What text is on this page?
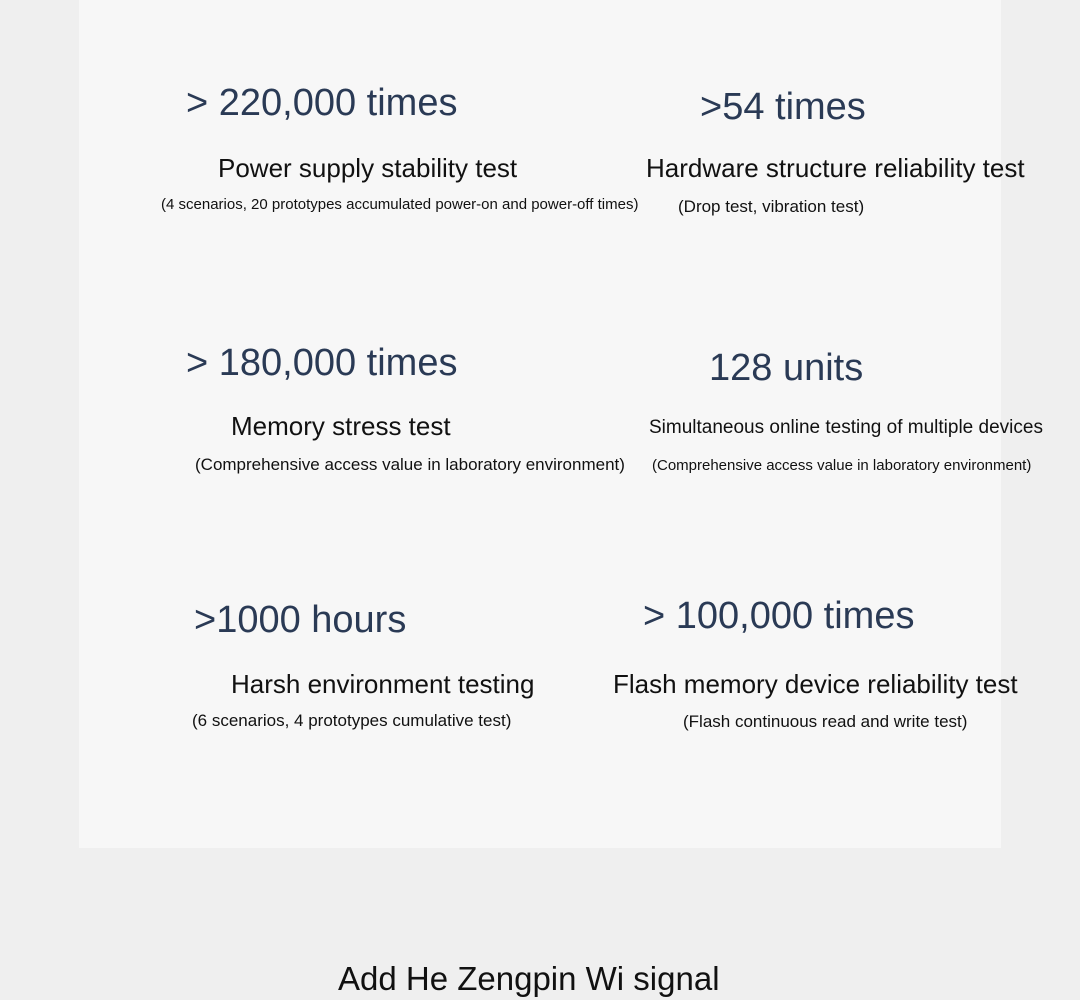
> 220,000 times
Power supply stability test
(4 scenarios, 20 prototypes accumulated power-on and power-off times)
>54 times
Hardware structure reliability test
(Drop test, vibration test)
> 180,000 times
Memory stress test
(Comprehensive access value in laboratory environment)
128 units
Simultaneous online testing of multiple devices
(Comprehensive access value in laboratory environment)
>1000 hours
Harsh environment testing
(6 scenarios, 4 prototypes cumulative test)
> 100,000 times
Flash memory device reliability test
(Flash continuous read and write test)
Add He Zengpin Wi signal
